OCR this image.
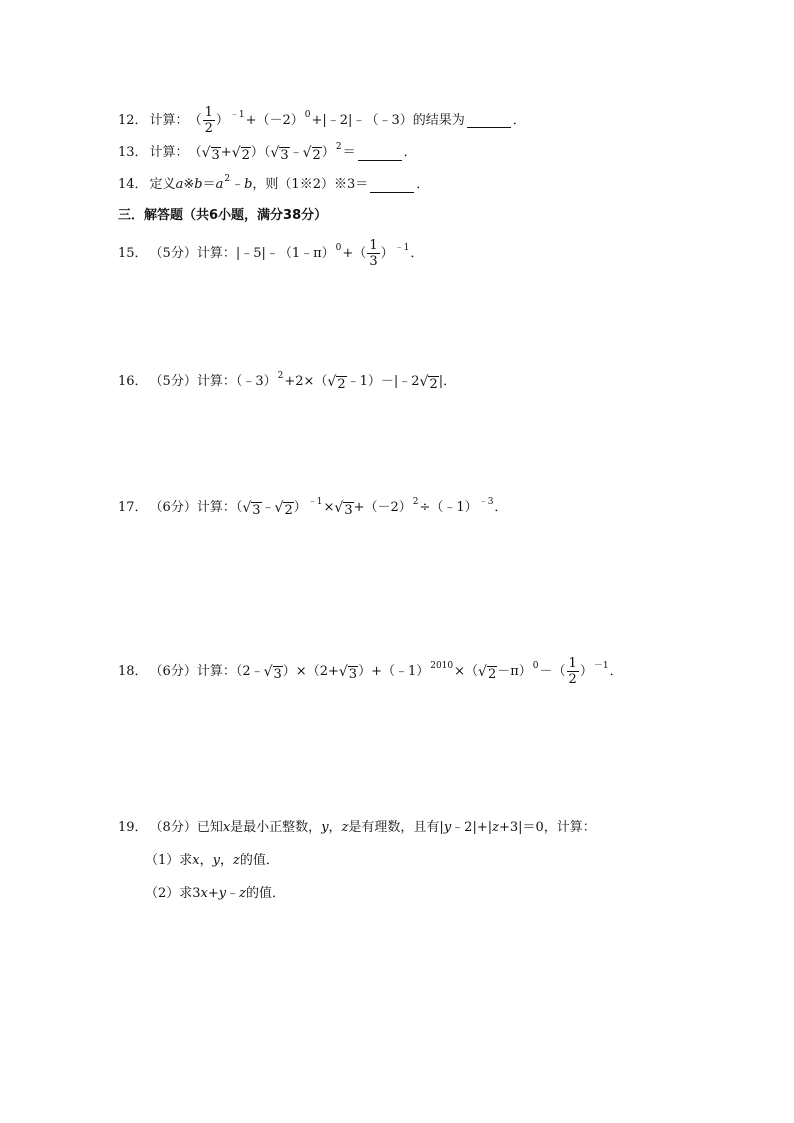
12． 计算： （ $\frac{1}{2}$ ） ﹣1 +（－2） 0 +|﹣2|﹣（﹣3）的结果为	．
13． 计算： （ √ 3 + √ 2 ）（ √ 3 ﹣ √ 2 ） 2 ＝	．
14． 定义 a ※ b ＝ a 2 ﹣ b ，则（1※2）※3＝	．
三．解答题（共6小题，满分38分）
15． （5分）计算：|﹣5|﹣（1﹣π） 0 +（ $\frac{1}{3}$ ） ﹣1 ．
16． （5分）计算：（﹣3） 2 +2×（ √ 2 ﹣1）－|﹣2 √ 2 |．
17． （6分）计算：（ √ 3 ﹣ √ 2 ） ﹣1 × √ 3 +（－2） 2 ÷（﹣1） ﹣3 ．
18． （6分）计算：（2﹣ √ 3 ）×（2+ √ 3 ）+（﹣1） 2010 ×（ √ 2 －π） 0 －（ $\frac{1}{2}$ ） －1 ．
19． （8分）已知 x 是最小正整数， y ， z 是有理数，且有| y ﹣2|+| z +3|＝0，计算：
（1）求 x ， y ， z 的值．
（2）求3 x + y ﹣ z 的值．
